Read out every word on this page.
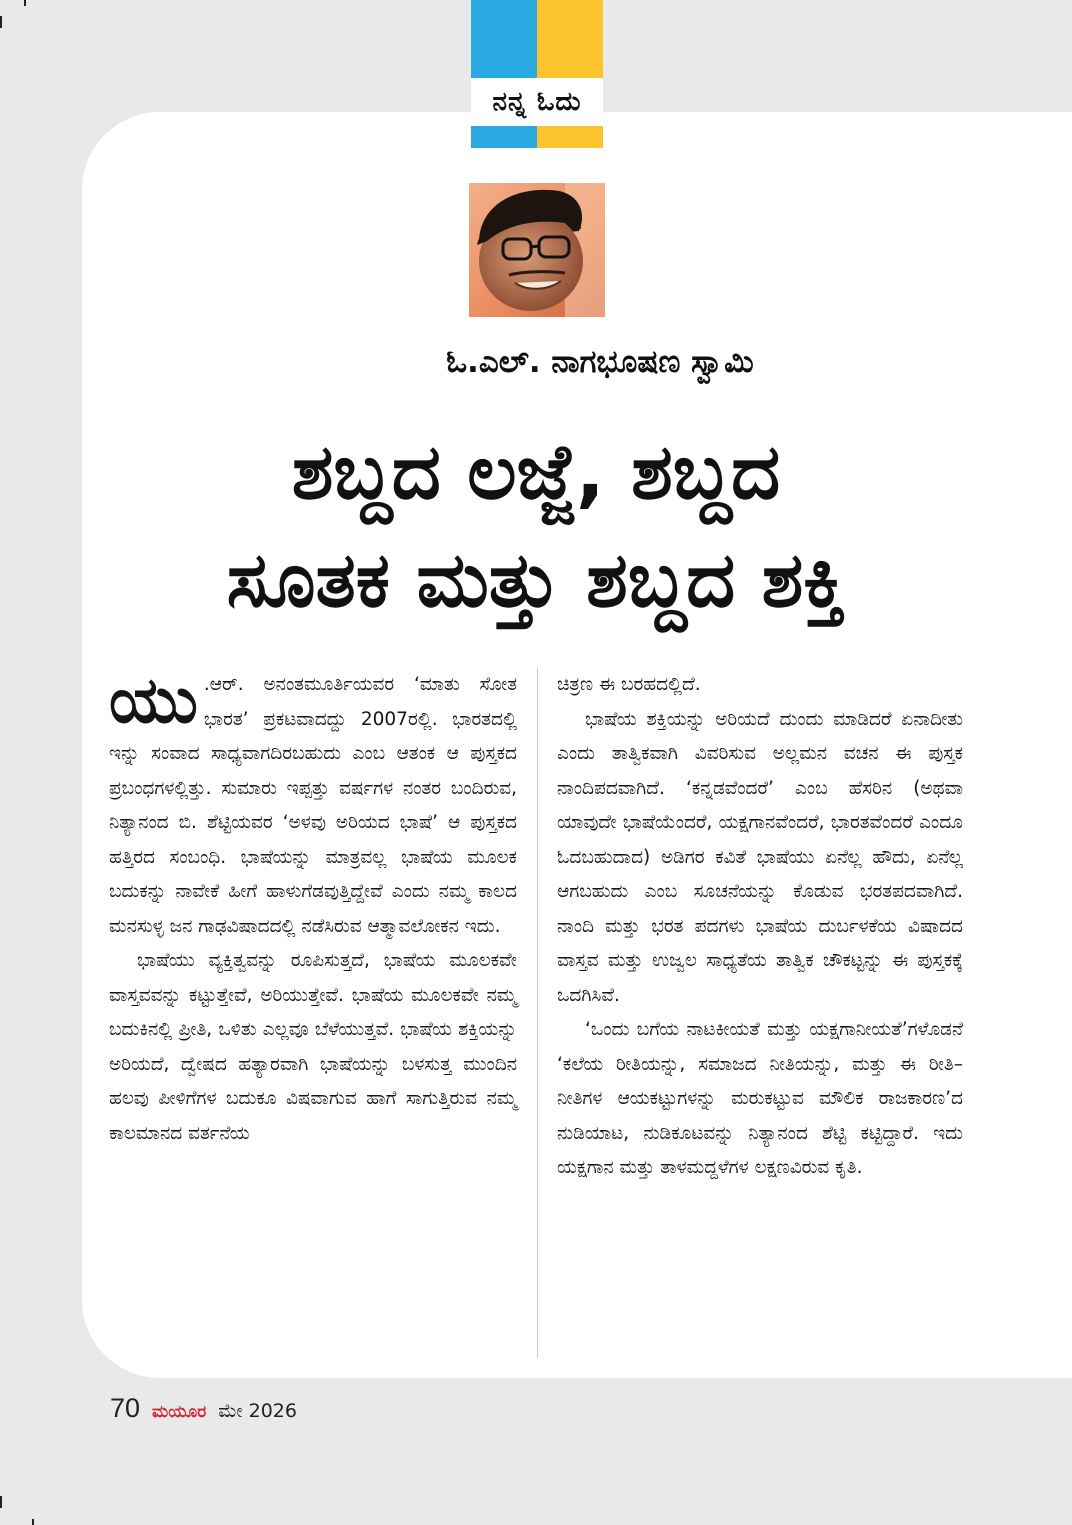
ನನ್ನ ಓದು
ಓ.ಎಲ್. ನಾಗಭೂಷಣ ಸ್ವಾಮಿ
ಶಬ್ದದ ಲಜ್ಜೆ, ಶಬ್ದದ
ಸೂತಕ ಮತ್ತು ಶಬ್ದದ ಶಕ್ತಿ

ಯು .ಆರ್. ಅನಂತಮೂರ್ತಿಯವರ ‘ಮಾತು ಸೋತ ಭಾರತ’ ಪ್ರಕಟವಾದದ್ದು 2007ರಲ್ಲಿ. ಭಾರತದಲ್ಲಿ ಇನ್ನು ಸಂವಾದ ಸಾಧ್ಯವಾಗದಿರಬಹುದು ಎಂಬ ಆತಂಕ ಆ ಪುಸ್ತಕದ ಪ್ರಬಂಧಗಳಲ್ಲಿತ್ತು. ಸುಮಾರು ಇಪ್ಪತ್ತು ವರ್ಷಗಳ ನಂತರ ಬಂದಿರುವ, ನಿತ್ಯಾನಂದ ಬಿ. ಶೆಟ್ಟಿಯವರ ‘ಅಳವು ಅರಿಯದ ಭಾಷೆ’ ಆ ಪುಸ್ತಕದ ಹತ್ತಿರದ ಸಂಬಂಧಿ. ಭಾಷೆಯನ್ನು ಮಾತ್ರವಲ್ಲ ಭಾಷೆಯ ಮೂಲಕ ಬದುಕನ್ನು ನಾವೇಕೆ ಹೀಗೆ ಹಾಳುಗೆಡವುತ್ತಿದ್ದೇವೆ ಎಂದು ನಮ್ಮ ಕಾಲದ ಮನಸುಳ್ಳ ಜನ ಗಾಢವಿಷಾದದಲ್ಲಿ ನಡೆಸಿರುವ ಆತ್ಮಾವಲೋಕನ ಇದು.

ಭಾಷೆಯು ವ್ಯಕ್ತಿತ್ವವನ್ನು ರೂಪಿಸುತ್ತದೆ, ಭಾಷೆಯ ಮೂಲಕವೇ ವಾಸ್ತವವನ್ನು ಕಟ್ಟುತ್ತೇವೆ, ಅರಿಯುತ್ತೇವೆ. ಭಾಷೆಯ ಮೂಲಕವೇ ನಮ್ಮ ಬದುಕಿನಲ್ಲಿ ಪ್ರೀತಿ, ಒಳಿತು ಎಲ್ಲವೂ ಬೆಳೆಯುತ್ತವೆ. ಭಾಷೆಯ ಶಕ್ತಿಯನ್ನು ಅರಿಯದೆ, ದ್ವೇಷದ ಹತ್ಯಾರವಾಗಿ ಭಾಷೆಯನ್ನು ಬಳಸುತ್ತ ಮುಂದಿನ ಹಲವು ಪೀಳಿಗೆಗಳ ಬದುಕೂ ವಿಷವಾಗುವ ಹಾಗೆ ಸಾಗುತ್ತಿರುವ ನಮ್ಮ ಕಾಲಮಾನದ ವರ್ತನೆಯ

ಚಿತ್ರಣ ಈ ಬರಹದಲ್ಲಿದೆ.

ಭಾಷೆಯ ಶಕ್ತಿಯನ್ನು ಅರಿಯದೆ ದುಂದು ಮಾಡಿದರೆ ಏನಾದೀತು ಎಂದು ತಾತ್ವಿಕವಾಗಿ ವಿವರಿಸುವ ಅಲ್ಲಮನ ವಚನ ಈ ಪುಸ್ತಕ ನಾಂದಿಪದವಾಗಿದೆ. ‘ಕನ್ನಡವೆಂದರೆ’ ಎಂಬ ಹೆಸರಿನ (ಅಥವಾ ಯಾವುದೇ ಭಾಷೆಯೆಂದರೆ, ಯಕ್ಷಗಾನವೆಂದರೆ, ಭಾರತವೆಂದರೆ ಎಂದೂ ಓದಬಹುದಾದ) ಅಡಿಗರ ಕವಿತೆ ಭಾಷೆಯು ಏನೆಲ್ಲ ಹೌದು, ಏನೆಲ್ಲ ಆಗಬಹುದು ಎಂಬ ಸೂಚನೆಯನ್ನು ಕೊಡುವ ಭರತಪದವಾಗಿದೆ. ನಾಂದಿ ಮತ್ತು ಭರತ ಪದಗಳು ಭಾಷೆಯ ದುರ್ಬಳಕೆಯ ವಿಷಾದದ ವಾಸ್ತವ ಮತ್ತು ಉಜ್ವಲ ಸಾಧ್ಯತೆಯ ತಾತ್ವಿಕ ಚೌಕಟ್ಟನ್ನು ಈ ಪುಸ್ತಕಕ್ಕೆ ಒದಗಿಸಿವೆ.

‘ಒಂದು ಬಗೆಯ ನಾಟಕೀಯತೆ ಮತ್ತು ಯಕ್ಷಗಾನೀಯತೆ’ಗಳೊಡನೆ ‘ಕಲೆಯ ರೀತಿಯನ್ನು, ಸಮಾಜದ ನೀತಿಯನ್ನು, ಮತ್ತು ಈ ರೀತಿ–ನೀತಿಗಳ ಆಯಕಟ್ಟುಗಳನ್ನು ಮರುಕಟ್ಟುವ ಮೌಲಿಕ ರಾಜಕಾರಣ’ದ ನುಡಿಯಾಟ, ನುಡಿಕೂಟವನ್ನು ನಿತ್ಯಾನಂದ ಶೆಟ್ಟಿ ಕಟ್ಟಿದ್ದಾರೆ. ಇದು ಯಕ್ಷಗಾನ ಮತ್ತು ತಾಳಮದ್ದಳೆಗಳ ಲಕ್ಷಣವಿರುವ ಕೃತಿ.

70 ಮಯೂರ ಮೇ 2026
